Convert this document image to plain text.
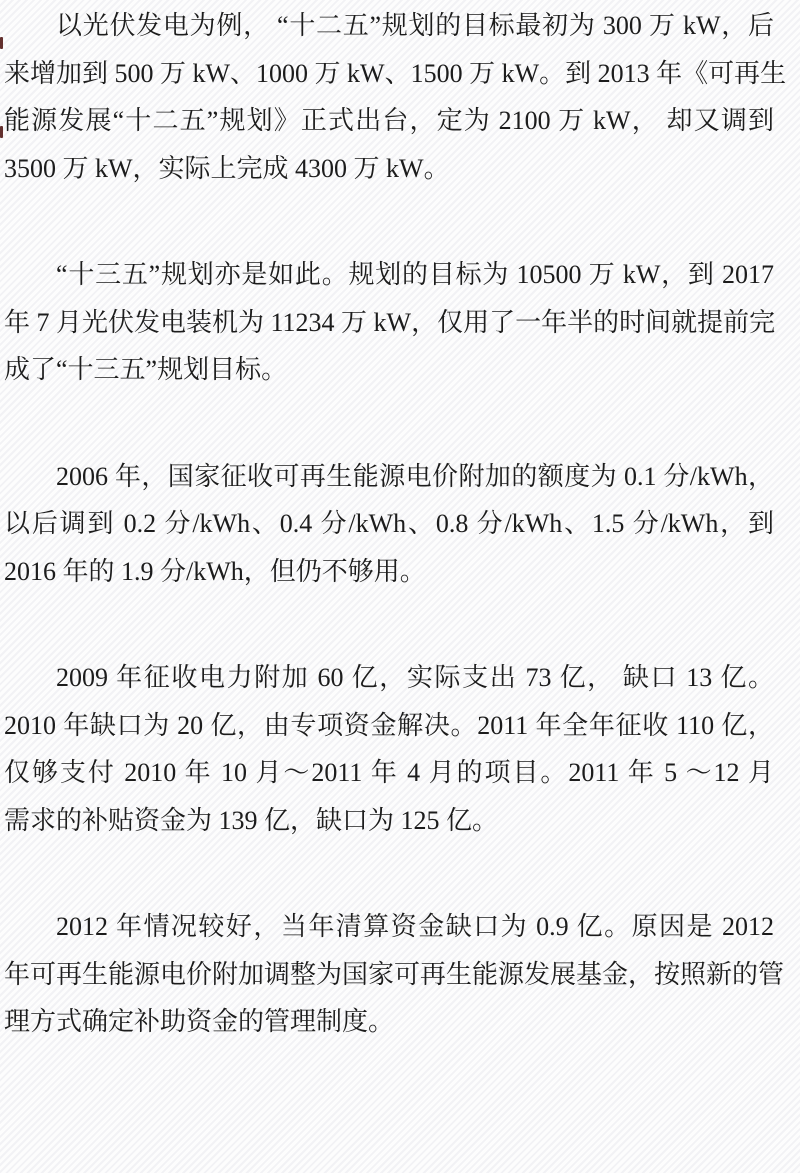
以光伏发电为例， “十二五”规划的目标最初为 300 万 kW，后
来增加到 500 万 kW、1000 万 kW、1500 万 kW。到 2013 年《可再生
能源发展“十二五”规划》正式出台，定为 2100 万 kW， 却又调到
3500 万 kW，实际上完成 4300 万 kW。
“十三五”规划亦是如此。规划的目标为 10500 万 kW，到 2017
年 7 月光伏发电装机为 11234 万 kW，仅用了一年半的时间就提前完
成了“十三五”规划目标。
2006 年，国家征收可再生能源电价附加的额度为 0.1 分/kWh，
以后调到 0.2 分/kWh、0.4 分/kWh、0.8 分/kWh、1.5 分/kWh，到
2016 年的 1.9 分/kWh，但仍不够用。
2009 年征收电力附加 60 亿，实际支出 73 亿， 缺口 13 亿。
2010 年缺口为 20 亿，由专项资金解决。2011 年全年征收 110 亿，
仅够支付 2010 年 10 月～2011 年 4 月的项目。2011 年 5 ～12 月
需求的补贴资金为 139 亿，缺口为 125 亿。
2012 年情况较好，当年清算资金缺口为 0.9 亿。原因是 2012
年可再生能源电价附加调整为国家可再生能源发展基金，按照新的管
理方式确定补助资金的管理制度。
